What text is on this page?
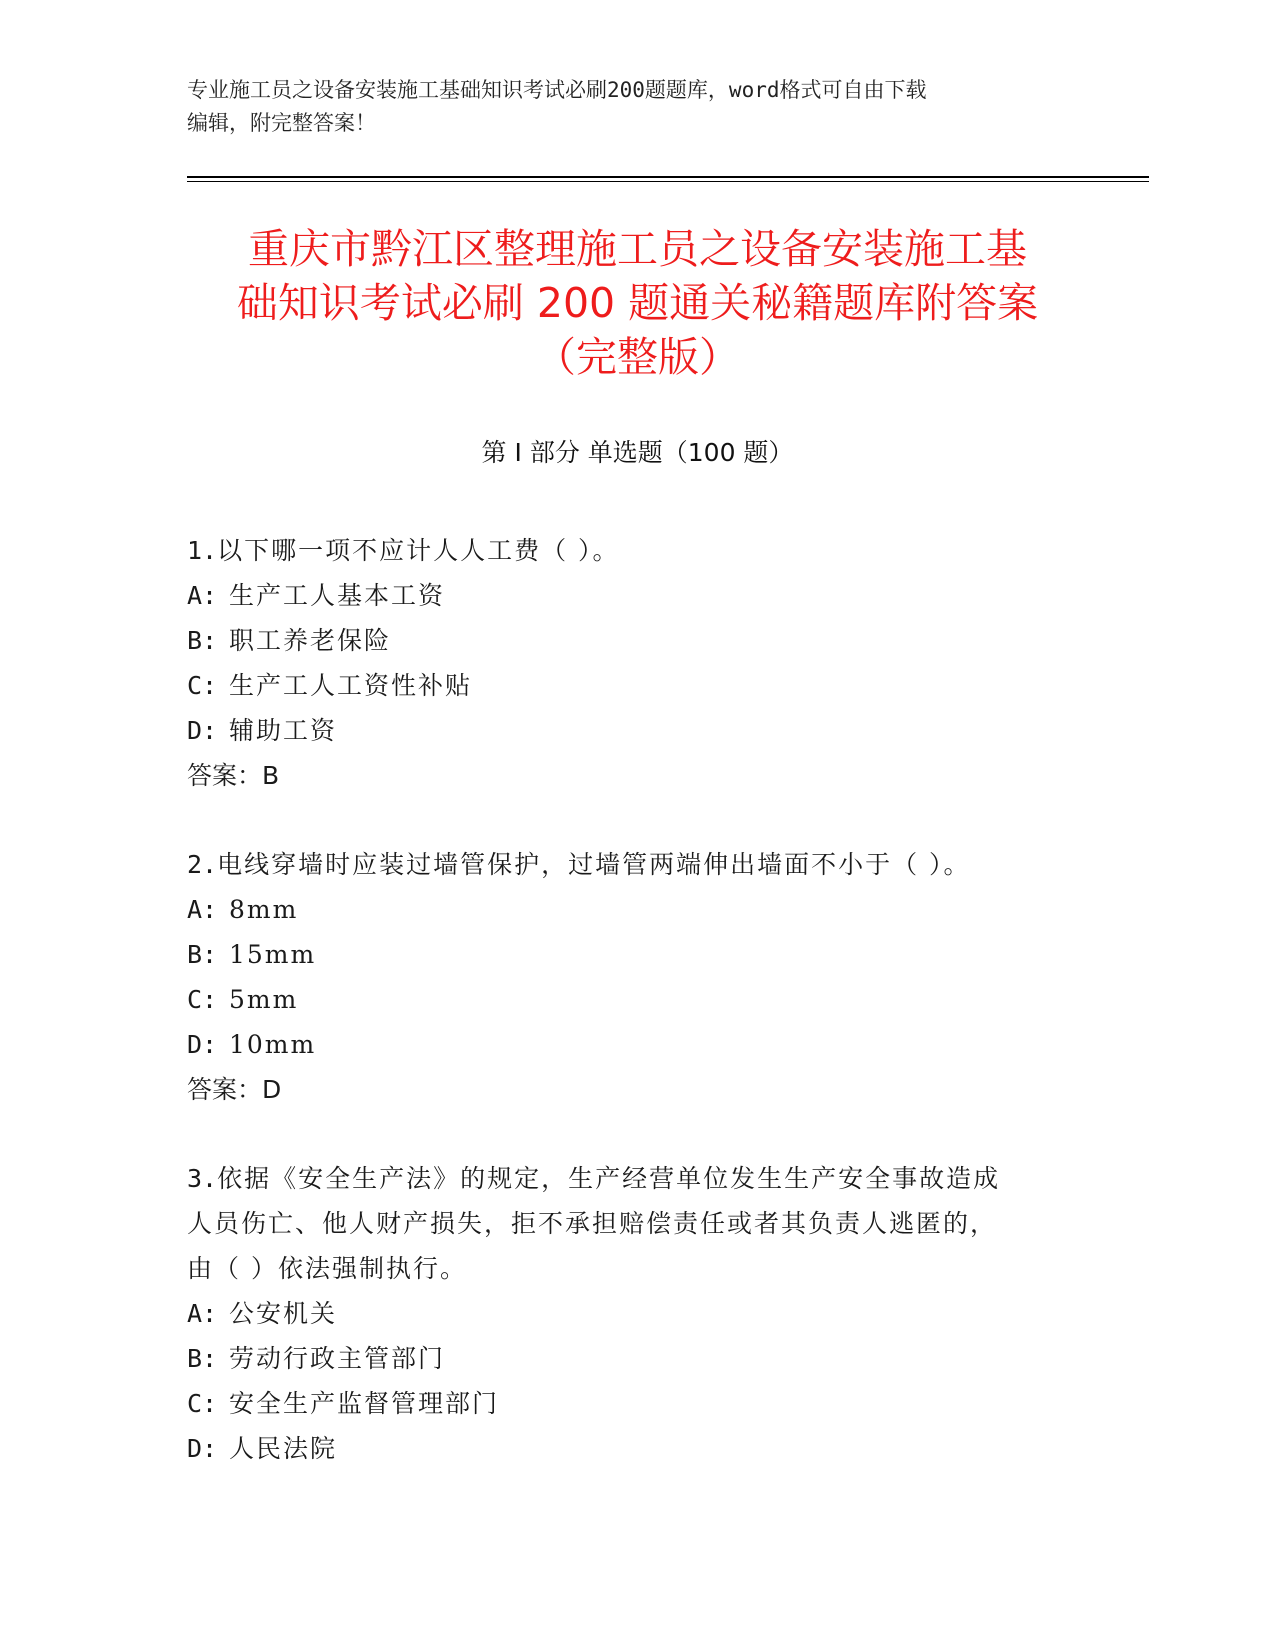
专业施工员之设备安装施工基础知识考试必刷200题题库，word格式可自由下载
编辑，附完整答案！
重庆市黔江区整理施工员之设备安装施工基
础知识考试必刷 200 题通关秘籍题库附答案
（完整版）
第 I 部分 单选题（100 题）
1.以下哪一项不应计人人工费（ ）。
A: 生产工人基本工资
B: 职工养老保险
C: 生产工人工资性补贴
D: 辅助工资
答案：B
2.电线穿墙时应装过墙管保护，过墙管两端伸出墙面不小于（ ）。
A: 8mm
B: 15mm
C: 5mm
D: 10mm
答案：D
3.依据《安全生产法》的规定，生产经营单位发生生产安全事故造成
人员伤亡、他人财产损失，拒不承担赔偿责任或者其负责人逃匿的，
由（ ）依法强制执行。
A: 公安机关
B: 劳动行政主管部门
C: 安全生产监督管理部门
D: 人民法院
